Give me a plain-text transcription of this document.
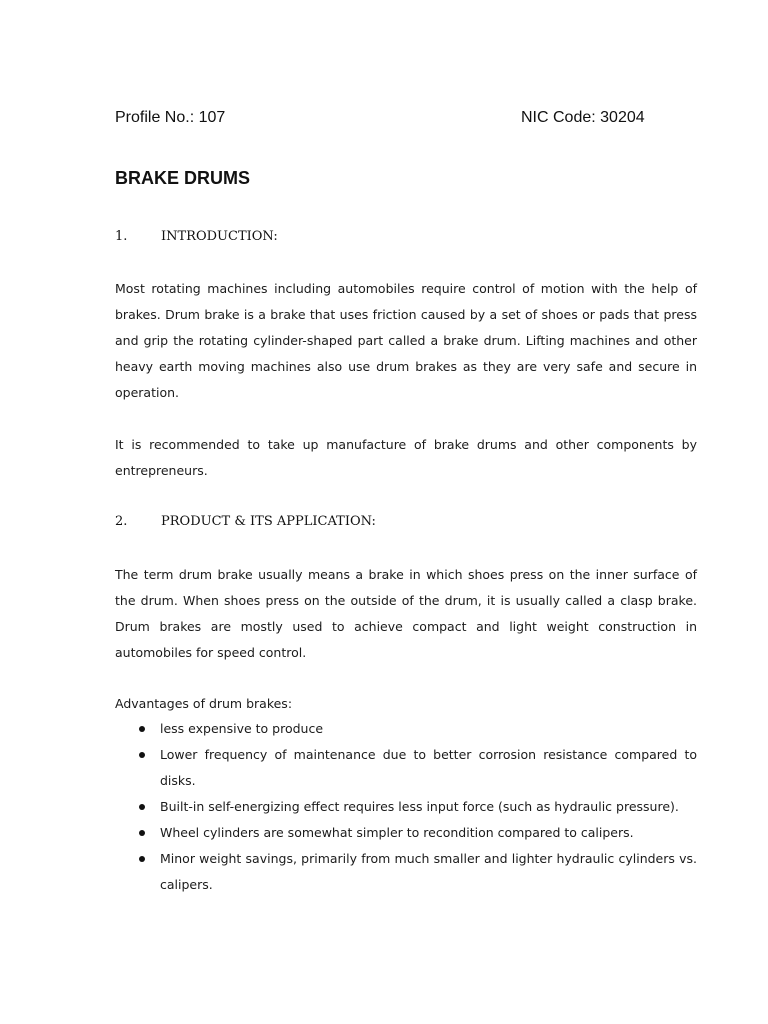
Profile No.: 107	NIC Code: 30204
BRAKE DRUMS
1.	INTRODUCTION:

Most rotating machines including automobiles require control of motion with the help of brakes. Drum brake is a brake that uses friction caused by a set of shoes or pads that press and grip the rotating cylinder-shaped part called a brake drum. Lifting machines and other heavy earth moving machines also use drum brakes as they are very safe and secure in operation.

It is recommended to take up manufacture of brake drums and other components by entrepreneurs.

2.	PRODUCT & ITS APPLICATION:

The term drum brake usually means a brake in which shoes press on the inner surface of the drum. When shoes press on the outside of the drum, it is usually called a clasp brake. Drum brakes are mostly used to achieve compact and light weight construction in automobiles for speed control.

Advantages of drum brakes:

less expensive to produce
Lower frequency of maintenance due to better corrosion resistance compared to disks.
Built-in self-energizing effect requires less input force (such as hydraulic pressure).
Wheel cylinders are somewhat simpler to recondition compared to calipers.
Minor weight savings, primarily from much smaller and lighter hydraulic cylinders vs. calipers.
